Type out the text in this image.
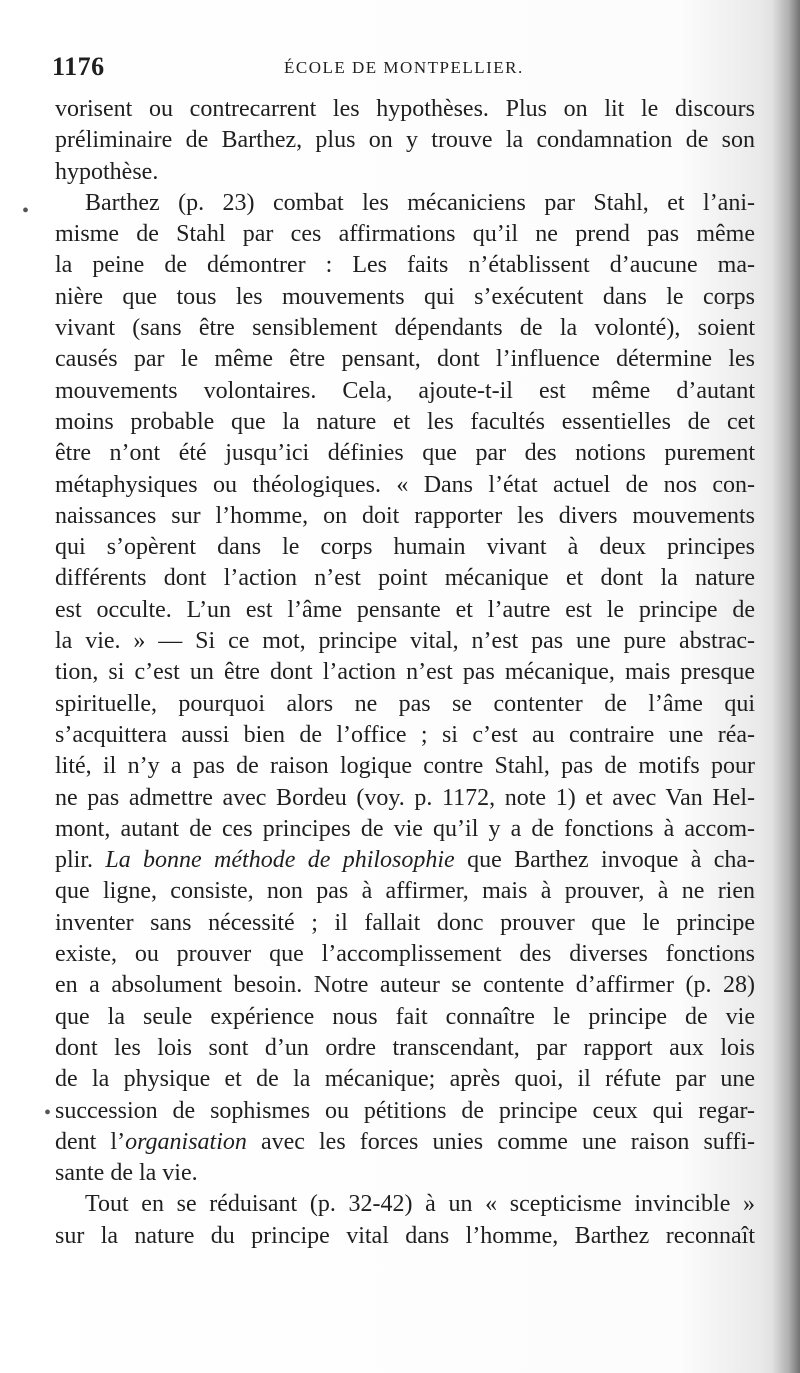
1176	ÉCOLE DE MONTPELLIER.
•
•
vorisent ou contrecarrent les hypothèses. Plus on lit le discours
préliminaire de Barthez, plus on y trouve la condamnation de son
hypothèse.
Barthez (p. 23) combat les mécaniciens par Stahl, et l’ani-
misme de Stahl par ces affirmations qu’il ne prend pas même
la peine de démontrer : Les faits n’établissent d’aucune ma-
nière que tous les mouvements qui s’exécutent dans le corps
vivant (sans être sensiblement dépendants de la volonté), soient
causés par le même être pensant, dont l’influence détermine les
mouvements volontaires. Cela, ajoute-t-il est même d’autant
moins probable que la nature et les facultés essentielles de cet
être n’ont été jusqu’ici définies que par des notions purement
métaphysiques ou théologiques. « Dans l’état actuel de nos con-
naissances sur l’homme, on doit rapporter les divers mouvements
qui s’opèrent dans le corps humain vivant à deux principes
différents dont l’action n’est point mécanique et dont la nature
est occulte. L’un est l’âme pensante et l’autre est le principe de
la vie. » — Si ce mot, principe vital, n’est pas une pure abstrac-
tion, si c’est un être dont l’action n’est pas mécanique, mais presque
spirituelle, pourquoi alors ne pas se contenter de l’âme qui
s’acquittera aussi bien de l’office ; si c’est au contraire une réa-
lité, il n’y a pas de raison logique contre Stahl, pas de motifs pour
ne pas admettre avec Bordeu (voy. p. 1172, note 1) et avec Van Hel-
mont, autant de ces principes de vie qu’il y a de fonctions à accom-
plir. La bonne méthode de philosophie que Barthez invoque à cha-
que ligne, consiste, non pas à affirmer, mais à prouver, à ne rien
inventer sans nécessité ; il fallait donc prouver que le principe
existe, ou prouver que l’accomplissement des diverses fonctions
en a absolument besoin. Notre auteur se contente d’affirmer (p. 28)
que la seule expérience nous fait connaître le principe de vie
dont les lois sont d’un ordre transcendant, par rapport aux lois
de la physique et de la mécanique; après quoi, il réfute par une
succession de sophismes ou pétitions de principe ceux qui regar-
dent l’organisation avec les forces unies comme une raison suffi-
sante de la vie.
Tout en se réduisant (p. 32-42) à un « scepticisme invincible »
sur la nature du principe vital dans l’homme, Barthez reconnaît
